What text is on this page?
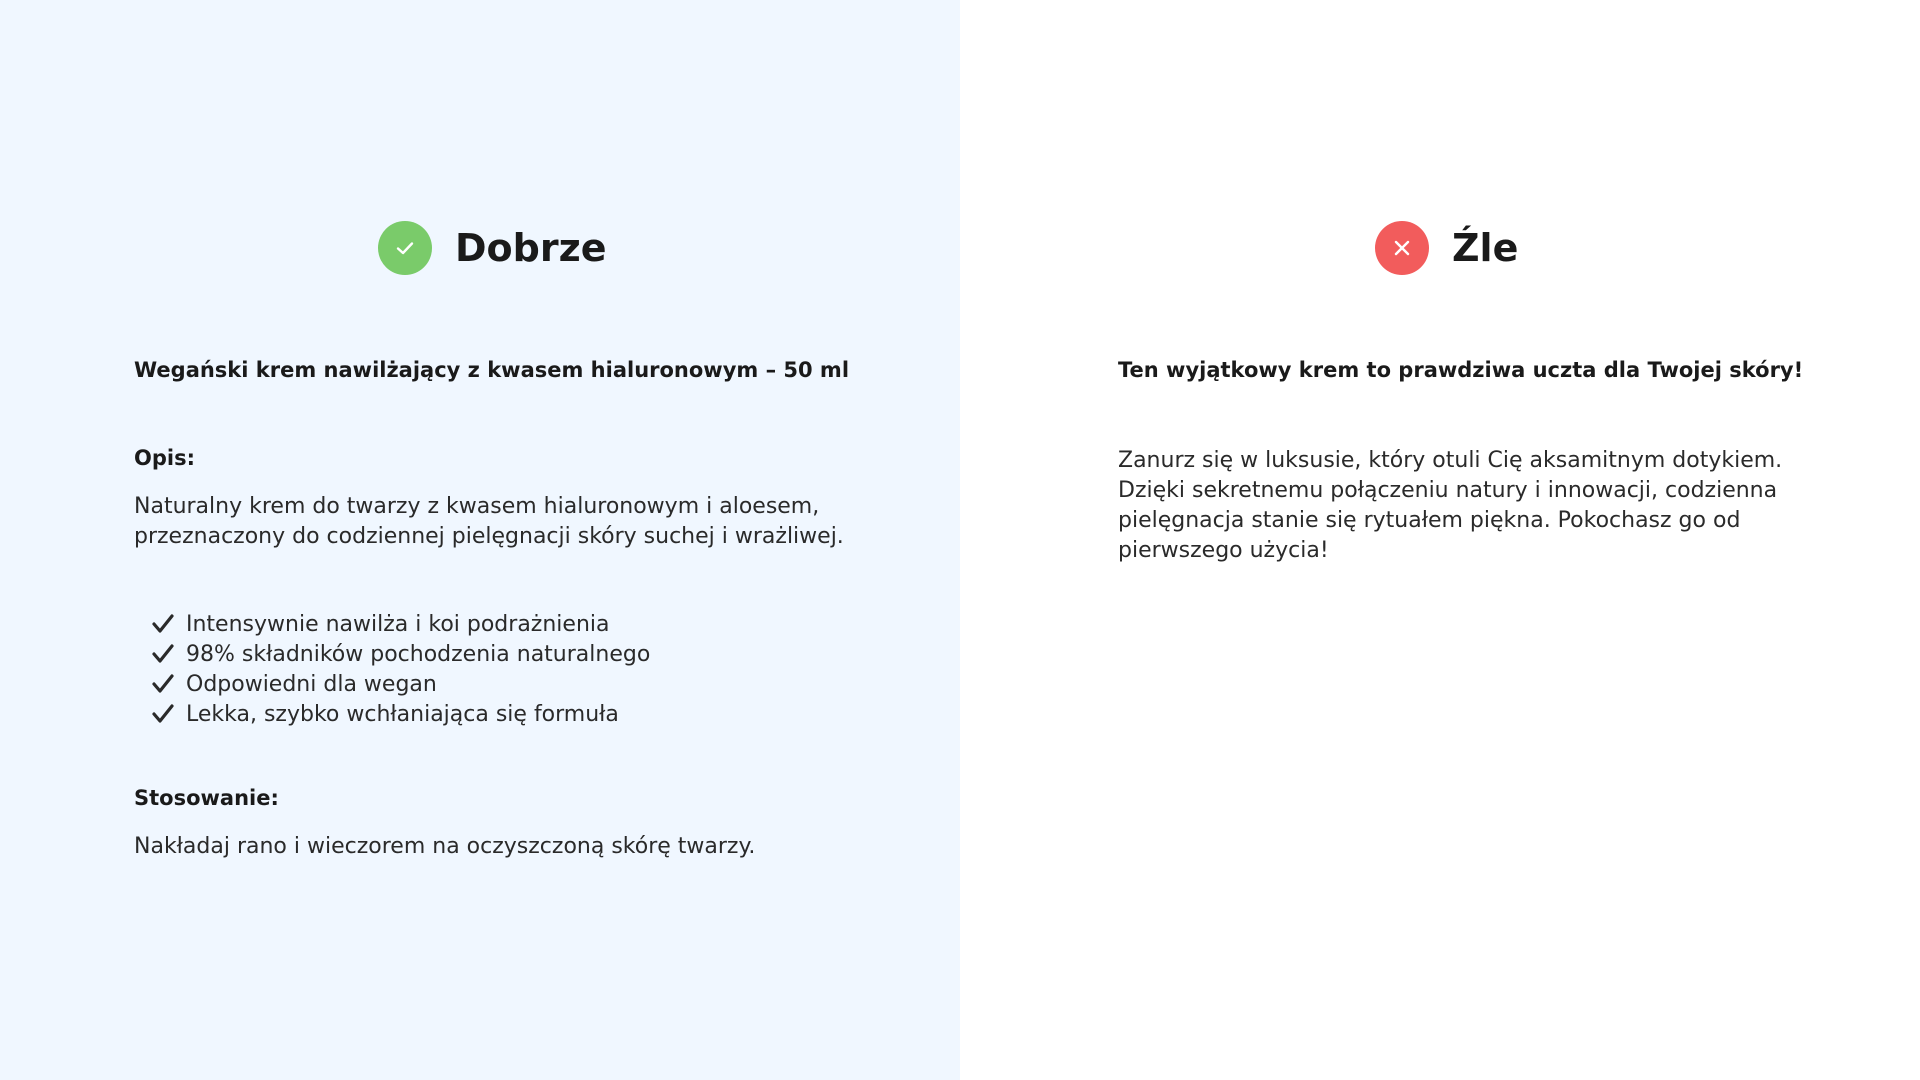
Dobrze
Wegański krem nawilżający z kwasem hialuronowym – 50 ml
Opis:
Naturalny krem do twarzy z kwasem hialuronowym i aloesem,
przeznaczony do codziennej pielęgnacji skóry suchej i wrażliwej.
Intensywnie nawilża i koi podrażnienia
98% składników pochodzenia naturalnego
Odpowiedni dla wegan
Lekka, szybko wchłaniająca się formuła
Stosowanie:
Nakładaj rano i wieczorem na oczyszczoną skórę twarzy.
Źle
Ten wyjątkowy krem to prawdziwa uczta dla Twojej skóry!
Zanurz się w luksusie, który otuli Cię aksamitnym dotykiem.
Dzięki sekretnemu połączeniu natury i innowacji, codzienna
pielęgnacja stanie się rytuałem piękna. Pokochasz go od
pierwszego użycia!
